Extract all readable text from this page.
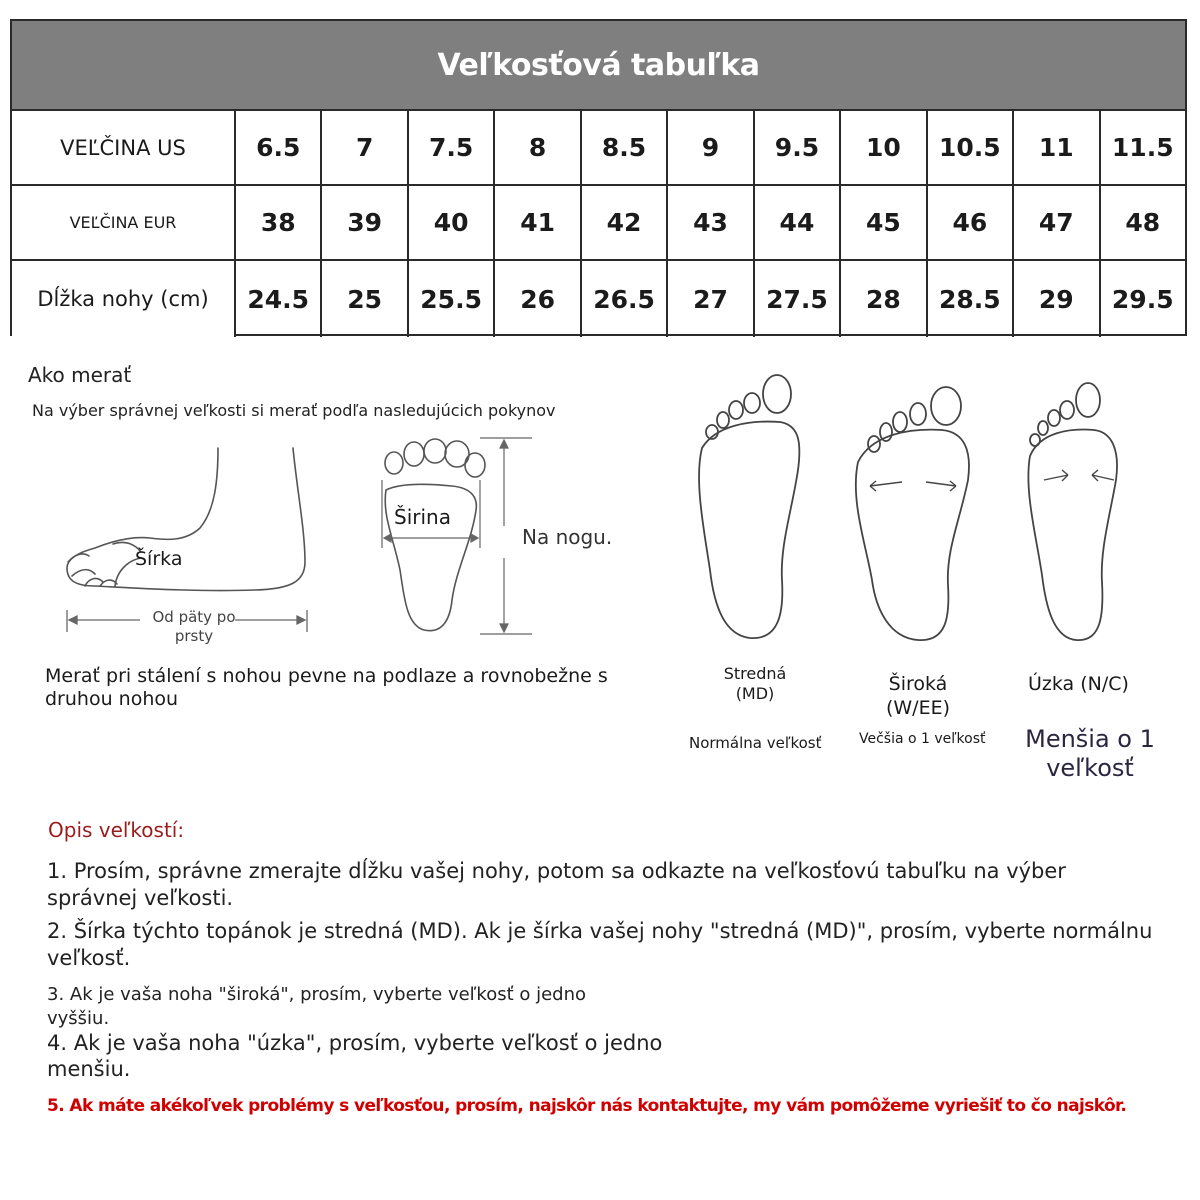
Veľkosťová tabuľka
VEĽČINA US	6.5	7	7.5	8	8.5	9	9.5	10	10.5	11	11.5
VEĽČINA EUR	38	39	40	41	42	43	44	45	46	47	48
Dĺžka nohy (cm)	24.5	25	25.5	26	26.5	27	27.5	28	28.5	29	29.5
Ako merať
Na výber správnej veľkosti si merať podľa nasledujúcich pokynov
Šírka
Od päty po prsty
Širina
Na nogu.
Merať pri stálení s nohou pevne na podlaze a rovnobežne s druhou nohou
Stredná (MD)	Široká (W/EE)
Úzka (N/C)
Normálna veľkosť	Večšia o 1 veľkosť Menšia o 1 veľkosť
Opis veľkostí:
1. Prosím, správne zmerajte dĺžku vašej nohy, potom sa odkazte na veľkosťovú tabuľku na výber správnej veľkosti.
2. Šírka týchto topánok je stredná (MD). Ak je šírka vašej nohy "stredná (MD)", prosím, vyberte normálnu veľkosť.
3. Ak je vaša noha "široká", prosím, vyberte veľkosť o jedno vyššiu.
4. Ak je vaša noha "úzka", prosím, vyberte veľkosť o jedno menšiu.
5. Ak máte akékoľvek problémy s veľkosťou, prosím, najskôr nás kontaktujte, my vám pomôžeme vyriešiť to čo najskôr.
